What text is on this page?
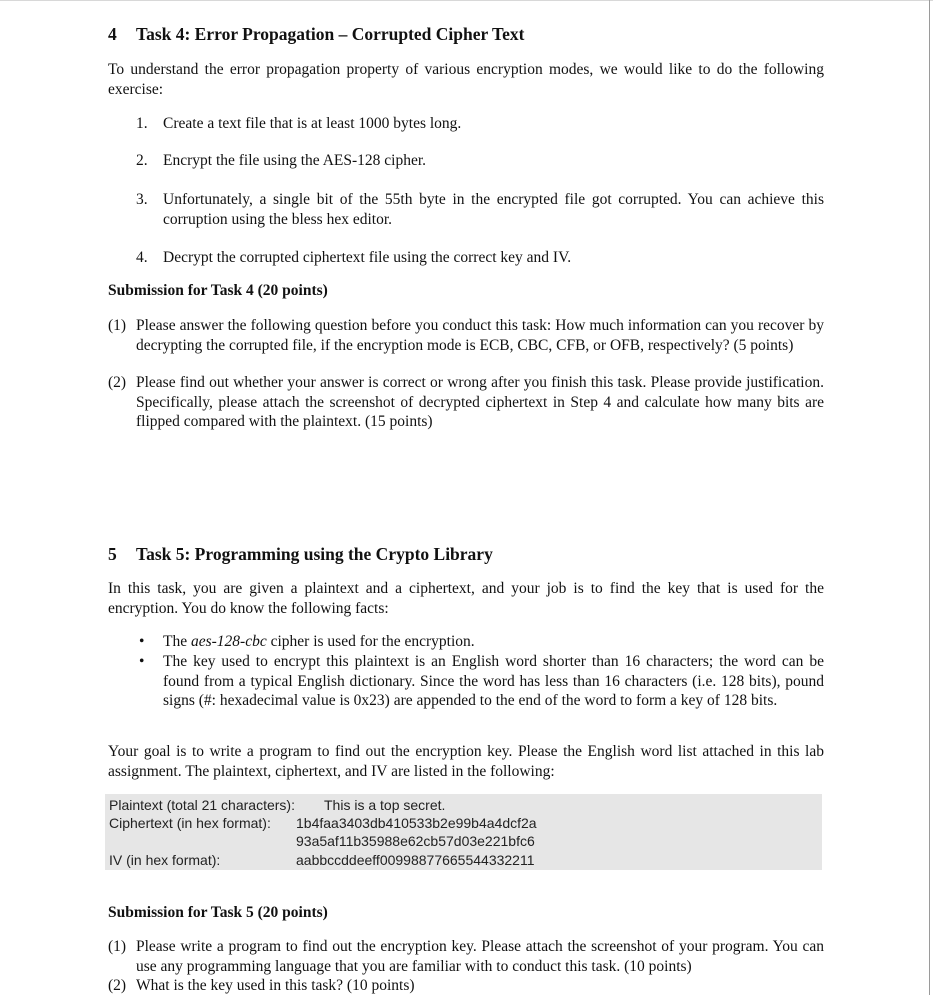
4 Task 4: Error Propagation – Corrupted Cipher Text
To understand the error propagation property of various encryption modes, we would like to do the following exercise:
1. Create a text file that is at least 1000 bytes long.
2. Encrypt the file using the AES-128 cipher.
3. Unfortunately, a single bit of the 55th byte in the encrypted file got corrupted. You can achieve this corruption using the bless hex editor.
4. Decrypt the corrupted ciphertext file using the correct key and IV.
Submission for Task 4 (20 points)
(1) Please answer the following question before you conduct this task: How much information can you recover by decrypting the corrupted file, if the encryption mode is ECB, CBC, CFB, or OFB, respectively? (5 points)
(2) Please find out whether your answer is correct or wrong after you finish this task. Please provide justification. Specifically, please attach the screenshot of decrypted ciphertext in Step 4 and calculate how many bits are flipped compared with the plaintext. (15 points)
5 Task 5: Programming using the Crypto Library
In this task, you are given a plaintext and a ciphertext, and your job is to find the key that is used for the encryption. You do know the following facts:
• The aes-128-cbc cipher is used for the encryption.
• The key used to encrypt this plaintext is an English word shorter than 16 characters; the word can be found from a typical English dictionary. Since the word has less than 16 characters (i.e. 128 bits), pound signs (#: hexadecimal value is 0x23) are appended to the end of the word to form a key of 128 bits.
Your goal is to write a program to find out the encryption key. Please the English word list attached in this lab assignment. The plaintext, ciphertext, and IV are listed in the following:
Plaintext (total 21 characters): This is a top secret.
Ciphertext (in hex format): 1b4faa3403db410533b2e99b4a4dcf2a
93a5af11b35988e62cb57d03e221bfc6
IV (in hex format):	aabbccddeeff00998877665544332211
Submission for Task 5 (20 points)
(1) Please write a program to find out the encryption key. Please attach the screenshot of your program. You can use any programming language that you are familiar with to conduct this task. (10 points)
(2) What is the key used in this task? (10 points)
